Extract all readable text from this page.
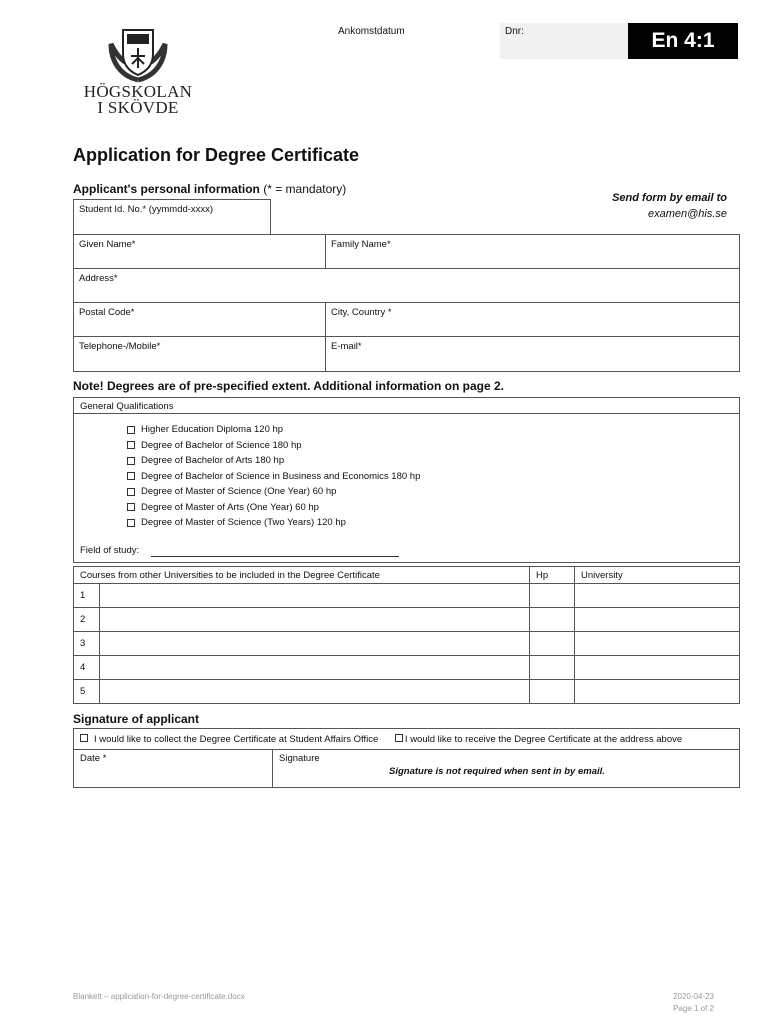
HÖGSKOLAN
I SKÖVDE
Ankomstdatum	Dnr:	En 4:1
Application for Degree Certificate
Applicant's personal information (* = mandatory)
Send form by email to
examen@his.se
Student Id. No.* (yymmdd-xxxx)
Given Name*	Family Name*
Address*
Postal Code*	City, Country *
Telephone-/Mobile*	E-mail*
Note! Degrees are of pre-specified extent. Additional information on page 2.
General Qualifications
Higher Education Diploma 120 hp
Degree of Bachelor of Science 180 hp
Degree of Bachelor of Arts 180 hp
Degree of Bachelor of Science in Business and Economics 180 hp
Degree of Master of Science (One Year) 60 hp
Degree of Master of Arts (One Year) 60 hp
Degree of Master of Science (Two Years) 120 hp
Field of study:
Courses from other Universities to be included in the Degree Certificate		Hp	University
1			
2			
3			
4			
5			
Signature of applicant
I would like to collect the Degree Certificate at Student Affairs Office	I would like to receive the Degree Certificate at the address above
Date *	Signature
Signature is not required when sent in by email.
Blankett – application-for-degree-certificate.docx	2020-04-23
Page 1 of 2
